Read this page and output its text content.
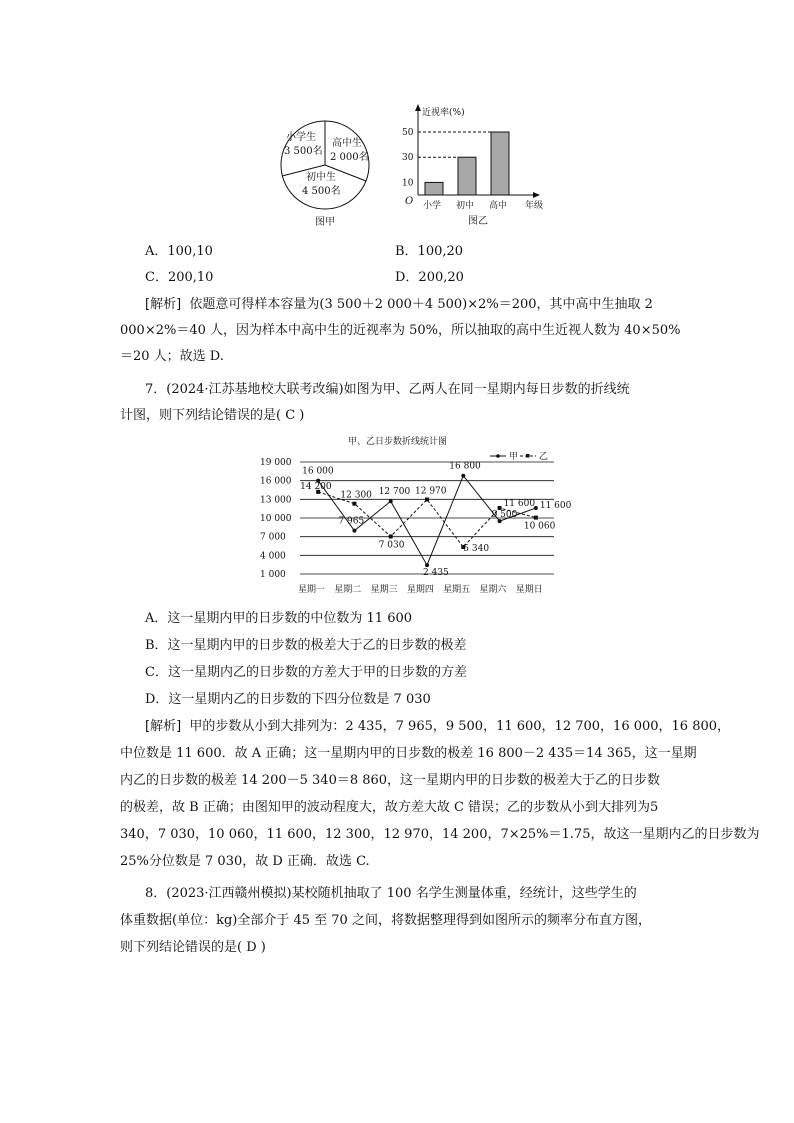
小学生
3 500名
高中生
2 000名
初中生
4 500名
图甲
近视率(%)
O	年级
图乙
10
30
50
小学 初中 高中
A．100,10	B．100,20
C．200,10	D．200,20
[解析] 依题意可得样本容量为(3 500＋2 000＋4 500)×2%＝200，其中高中生抽取 2
000×2%＝40 人，因为样本中高中生的近视率为 50%，所以抽取的高中生近视人数为 40×50%
＝20 人；故选 D.
7．(2024·江苏基地校大联考改编)如图为甲、乙两人在同一星期内每日步数的折线统
计图，则下列结论错误的是( C )
甲、乙日步数折线统计图
甲 乙
1 000
4 000
7 000
10 000
13 000
16 000
19 000
16 000
7 965
12 700
2 435
16 800
9 500
11 600
14 200
12 300
7 030
12 970
5 340
11 600
10 060
星期一 星期二 星期三 星期四 星期五 星期六 星期日
A．这一星期内甲的日步数的中位数为 11 600
B．这一星期内甲的日步数的极差大于乙的日步数的极差
C．这一星期内乙的日步数的方差大于甲的日步数的方差
D．这一星期内乙的日步数的下四分位数是 7 030
[解析] 甲的步数从小到大排列为：2 435，7 965，9 500，11 600，12 700，16 000，16 800，
中位数是 11 600．故 A 正确；这一星期内甲的日步数的极差 16 800－2 435＝14 365，这一星期
内乙的日步数的极差 14 200－5 340＝8 860，这一星期内甲的日步数的极差大于乙的日步数
的极差，故 B 正确；由图知甲的波动程度大，故方差大故 C 错误；乙的步数从小到大排列为5
340，7 030，10 060，11 600，12 300，12 970，14 200，7×25%＝1.75，故这一星期内乙的日步数为
25%分位数是 7 030，故 D 正确．故选 C.
8．(2023·江西赣州模拟)某校随机抽取了 100 名学生测量体重，经统计，这些学生的
体重数据(单位：kg)全部介于 45 至 70 之间，将数据整理得到如图所示的频率分布直方图，
则下列结论错误的是( D )
